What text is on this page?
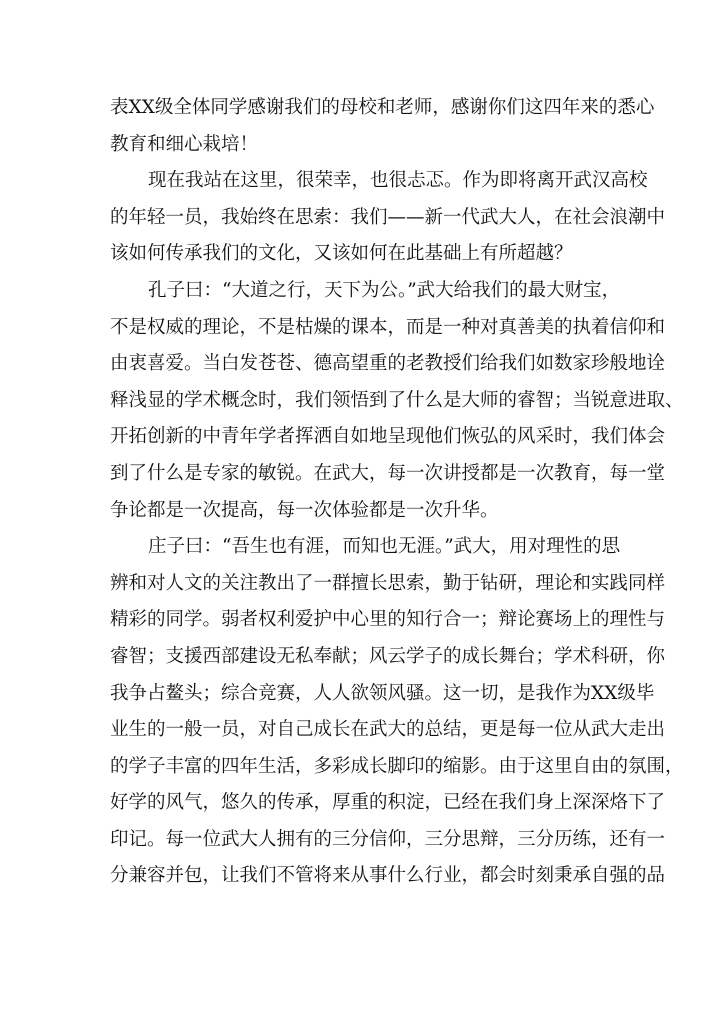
表XX级全体同学感谢我们的母校和老师，感谢你们这四年来的悉心
教育和细心栽培！
现在我站在这里，很荣幸，也很忐忑。作为即将离开武汉高校
的年轻一员，我始终在思索：我们——新一代武大人，在社会浪潮中
该如何传承我们的文化，又该如何在此基础上有所超越？
孔子曰：“大道之行，天下为公。”武大给我们的最大财宝，
不是权威的理论，不是枯燥的课本，而是一种对真善美的执着信仰和
由衷喜爱。当白发苍苍、德高望重的老教授们给我们如数家珍般地诠
释浅显的学术概念时，我们领悟到了什么是大师的睿智；当锐意进取、
开拓创新的中青年学者挥洒自如地呈现他们恢弘的风采时，我们体会
到了什么是专家的敏锐。在武大，每一次讲授都是一次教育，每一堂
争论都是一次提高，每一次体验都是一次升华。
庄子曰：“吾生也有涯，而知也无涯。”武大，用对理性的思
辨和对人文的关注教出了一群擅长思索，勤于钻研，理论和实践同样
精彩的同学。弱者权利爱护中心里的知行合一；辩论赛场上的理性与
睿智；支援西部建设无私奉献；风云学子的成长舞台；学术科研，你
我争占鳌头；综合竞赛，人人欲领风骚。这一切，是我作为XX级毕
业生的一般一员，对自己成长在武大的总结，更是每一位从武大走出
的学子丰富的四年生活，多彩成长脚印的缩影。由于这里自由的氛围，
好学的风气，悠久的传承，厚重的积淀，已经在我们身上深深烙下了
印记。每一位武大人拥有的三分信仰，三分思辩，三分历练，还有一
分兼容并包，让我们不管将来从事什么行业，都会时刻秉承自强的品
